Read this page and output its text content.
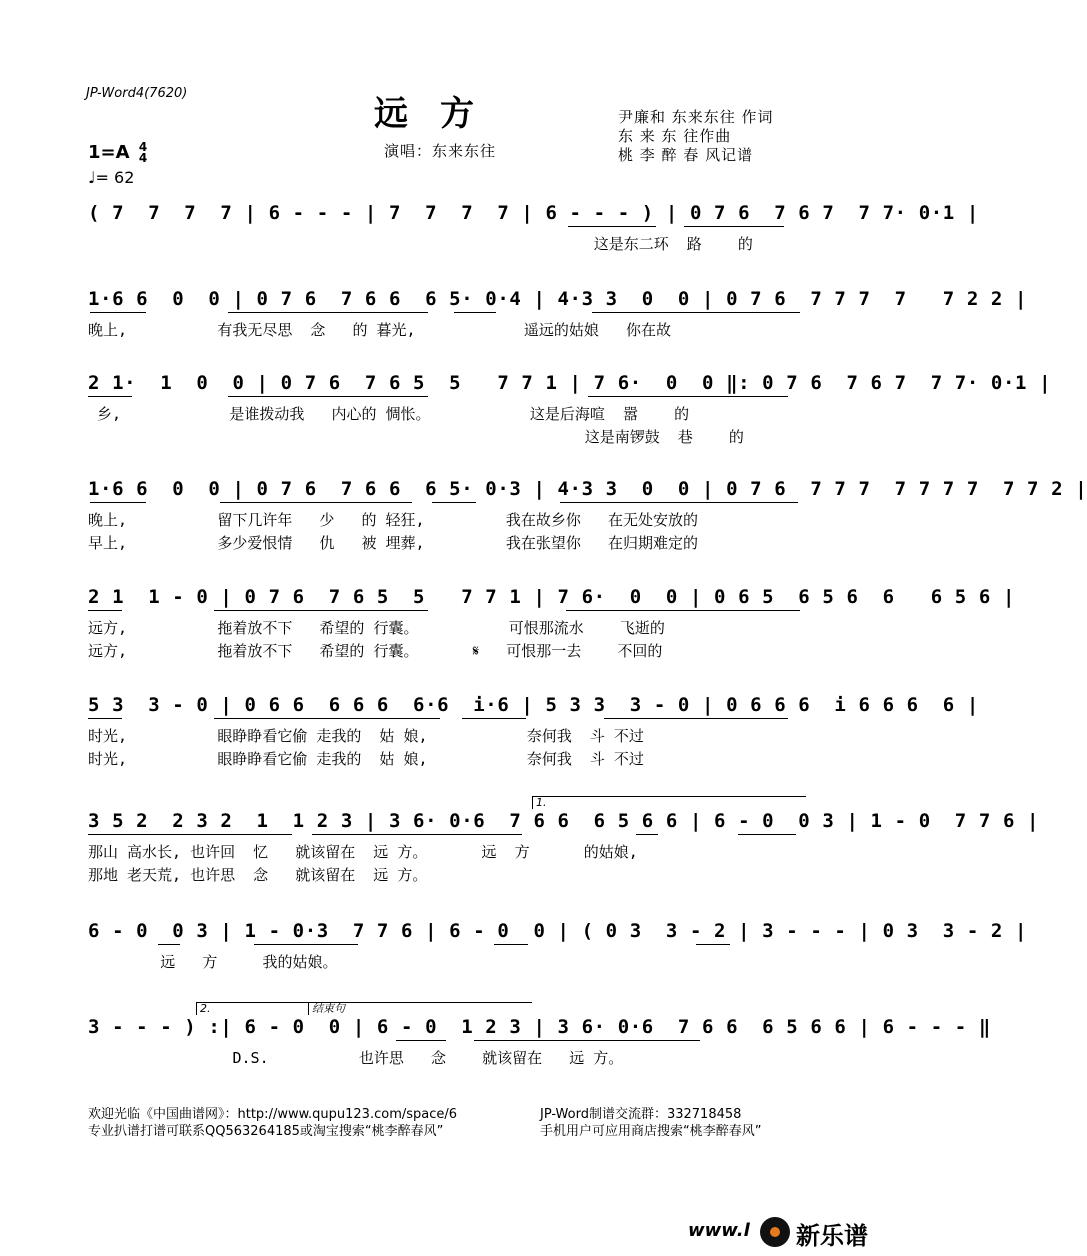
JP-Word4(7620)
远方
演唱：东来东往
尹廉和 东来东往 作词
东 来 东 往作曲
桃 李 醉 春 风记谱
1=A 4
4
♩= 62
( 7  7  7  7 | 6 - - - | 7  7  7  7 | 6 - - - ) | 0 7 6  7 6 7  7 7· 0·1 |
这是东二环  路    的
1·6 6  0  0 | 0 7 6  7 6 6  6 5· 0·4 | 4·3 3  0  0 | 0 7 6  7 7 7  7   7 2 2 |
晚上,          有我无尽思  念   的 暮光,            遥远的姑娘   你在故
2 1·  1  0  0 | 0 7 6  7 6 5  5   7 7 1 | 7 6·  0  0 ‖: 0 7 6  7 6 7  7 7· 0·1 |
乡,            是谁拨动我   内心的 惆怅。           这是后海喧  嚣    的
这是南锣鼓  巷    的
1·6 6  0  0 | 0 7 6  7 6 6  6 5· 0·3 | 4·3 3  0  0 | 0 7 6  7 7 7  7 7 7 7  7 7 2 |
晚上,          留下几许年   少   的 轻狂,         我在故乡你   在无处安放的
早上,          多少爱恨情   仇   被 埋葬,         我在张望你   在归期难定的
2 1  1 - 0 | 0 7 6  7 6 5  5   7 7 1 | 7 6·  0  0 | 0 6 5  6 5 6  6   6 5 6 |
远方,          拖着放不下   希望的 行囊。          可恨那流水    飞逝的
远方,          拖着放不下   希望的 行囊。      𝄋   可恨那一去    不回的
5 3  3 - 0 | 0 6 6  6 6 6  6·6  i·6 | 5 3 3  3 - 0 | 0 6 6 6  i 6 6 6  6 |
时光,          眼睁睁看它偷 走我的  姑 娘,           奈何我  斗 不过
时光,          眼睁睁看它偷 走我的  姑 娘,           奈何我  斗 不过
1.
3 5 2  2 3 2  1  1 2 3 | 3 6· 0·6  7 6 6  6 5 6 6 | 6 - 0  0 3 | 1 - 0  7 7 6 |
那山 高水长, 也许回  忆   就该留在  远 方。      远  方      的姑娘,
那地 老天荒, 也许思  念   就该留在  远 方。
6 - 0  0 3 | 1 - 0·3  7 7 6 | 6 - 0  0 | ( 0 3  3 - 2 | 3 - - - | 0 3  3 - 2 |
远   方     我的姑娘。
2.	结束句
3 - - - ) :| 6 - 0  0 | 6 - 0  1 2 3 | 3 6· 0·6  7 6 6  6 5 6 6 | 6 - - - ‖
D.S.          也许思   念    就该留在   远 方。
欢迎光临《中国曲谱网》：http://www.qupu123.com/space/6
专业扒谱打谱可联系QQ563264185或淘宝搜索“桃李醉春风”
JP-Word制谱交流群：332718458
手机用户可应用商店搜索“桃李醉春风”
www.l 新乐谱
